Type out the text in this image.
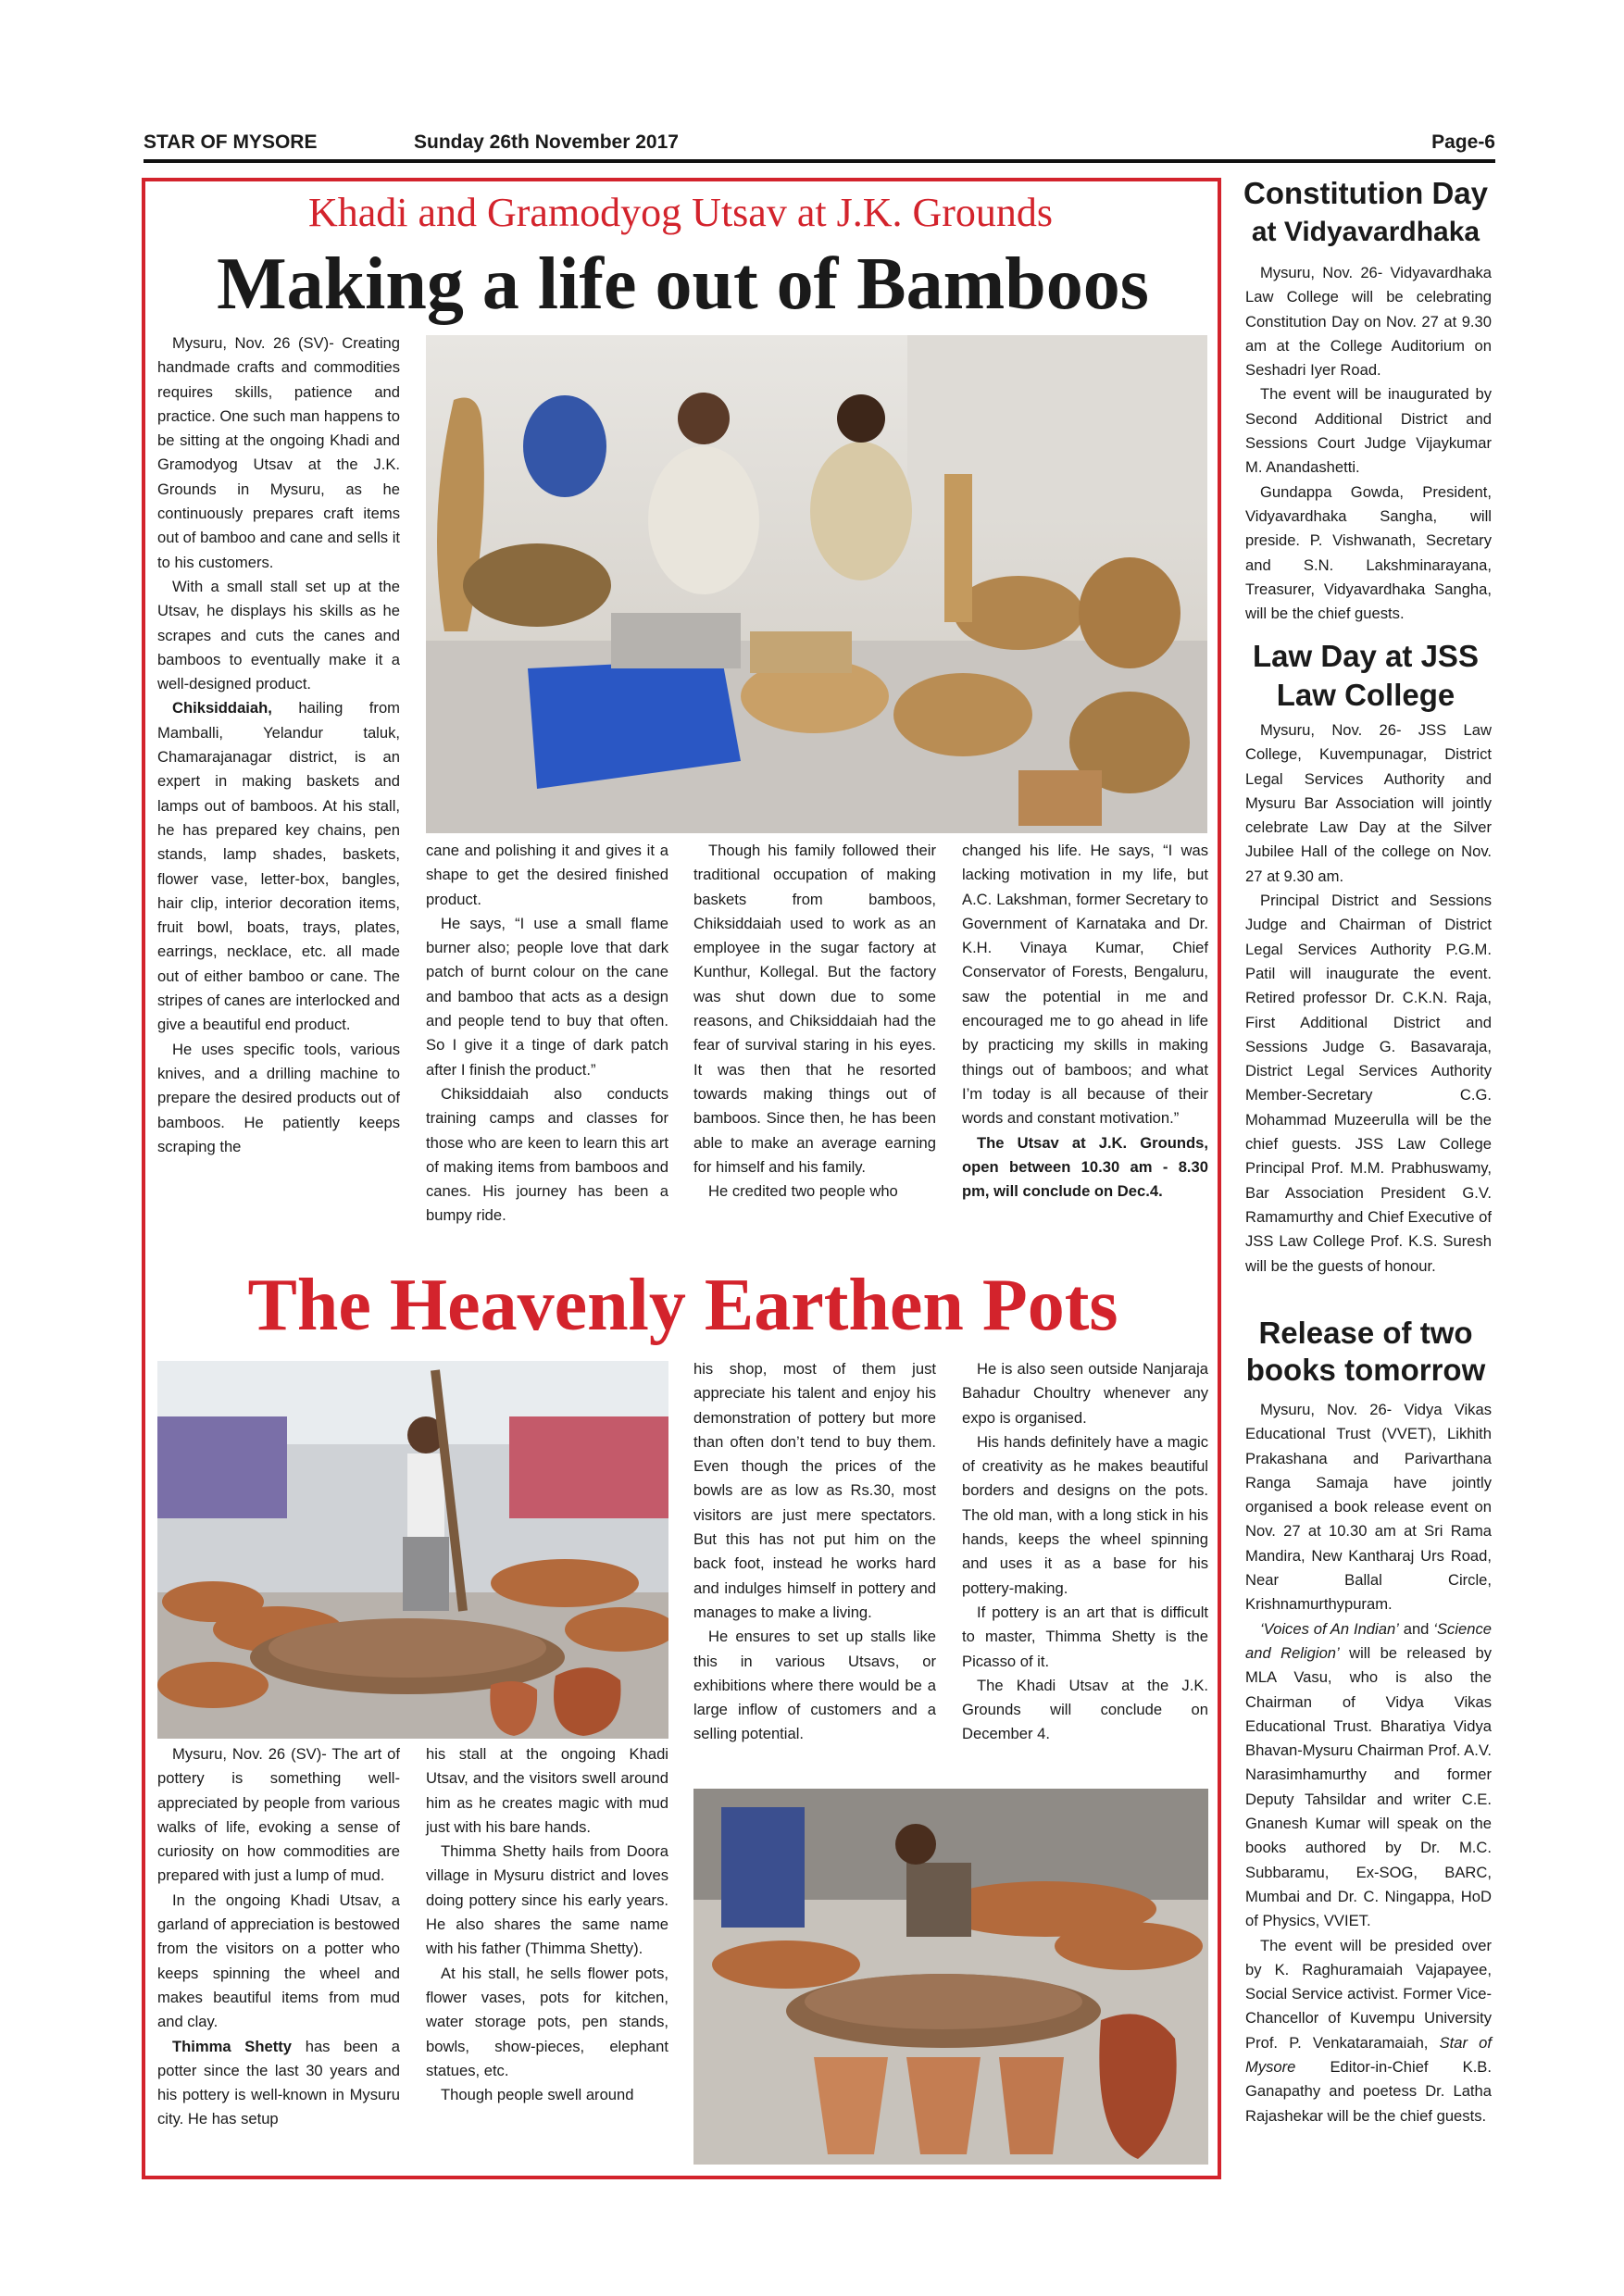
STAR OF MYSORE	Sunday 26th November 2017	Page-6
Khadi and Gramodyog Utsav at J.K. Grounds
Making a life out of Bamboos

Mysuru, Nov. 26 (SV)- Creating handmade crafts and commodities requires skills, patience and practice. One such man happens to be sitting at the ongoing Khadi and Gramodyog Utsav at the J.K. Grounds in Mysuru, as he continuously prepares craft items out of bamboo and cane and sells it to his customers.

With a small stall set up at the Utsav, he displays his skills as he scrapes and cuts the canes and bamboos to eventually make it a well-designed product.

Chiksiddaiah, hailing from Mamballi, Yelandur taluk, Chamarajanagar district, is an expert in making baskets and lamps out of bamboos. At his stall, he has prepared key chains, pen stands, lamp shades, baskets, flower vase, letter-box, bangles, hair clip, interior decoration items, fruit bowl, boats, trays, plates, earrings, necklace, etc. all made out of either bamboo or cane. The stripes of canes are interlocked and give a beautiful end product.

He uses specific tools, various knives, and a drilling machine to prepare the desired products out of bamboos. He patiently keeps scraping the

cane and polishing it and gives it a shape to get the desired finished product.

He says, “I use a small flame burner also; people love that dark patch of burnt colour on the cane and bamboo that acts as a design and people tend to buy that often. So I give it a tinge of dark patch after I finish the product.”

Chiksiddaiah also conducts training camps and classes for those who are keen to learn this art of making items from bamboos and canes. His journey has been a bumpy ride.

Though his family followed their traditional occupation of making baskets from bamboos, Chiksiddaiah used to work as an employee in the sugar factory at Kunthur, Kollegal. But the factory was shut down due to some reasons, and Chiksiddaiah had the fear of survival staring in his eyes. It was then that he resorted towards making things out of bamboos. Since then, he has been able to make an average earning for himself and his family.

He credited two people who

changed his life. He says, “I was lacking motivation in my life, but A.C. Lakshman, former Secretary to Government of Karnataka and Dr. K.H. Vinaya Kumar, Chief Conservator of Forests, Bengaluru, saw the potential in me and encouraged me to go ahead in life by practicing my skills in making things out of bamboos; and what I’m today is all because of their words and constant motivation.”

The Utsav at J.K. Grounds, open between 10.30 am - 8.30 pm, will conclude on Dec.4.

The Heavenly Earthen Pots

Mysuru, Nov. 26 (SV)- The art of pottery is something well-appreciated by people from various walks of life, evoking a sense of curiosity on how commodities are prepared with just a lump of mud.

In the ongoing Khadi Utsav, a garland of appreciation is bestowed from the visitors on a potter who keeps spinning the wheel and makes beautiful items from mud and clay.

Thimma Shetty has been a potter since the last 30 years and his pottery is well-known in Mysuru city. He has setup

his stall at the ongoing Khadi Utsav, and the visitors swell around him as he creates magic with mud just with his bare hands.

Thimma Shetty hails from Doora village in Mysuru district and loves doing pottery since his early years. He also shares the same name with his father (Thimma Shetty).

At his stall, he sells flower pots, flower vases, pots for kitchen, water storage pots, pen stands, bowls, show-pieces, elephant statues, etc.

Though people swell around

his shop, most of them just appreciate his talent and enjoy his demonstration of pottery but more than often don’t tend to buy them. Even though the prices of the bowls are as low as Rs.30, most visitors are just mere spectators. But this has not put him on the back foot, instead he works hard and indulges himself in pottery and manages to make a living.

He ensures to set up stalls like this in various Utsavs, or exhibitions where there would be a large inflow of customers and a selling potential.

He is also seen outside Nanjaraja Bahadur Choultry whenever any expo is organised.

His hands definitely have a magic of creativity as he makes beautiful borders and designs on the pots. The old man, with a long stick in his hands, keeps the wheel spinning and uses it as a base for his pottery-making.

If pottery is an art that is difficult to master, Thimma Shetty is the Picasso of it.

The Khadi Utsav at the J.K. Grounds will conclude on December 4.

Constitution Day
at Vidyavardhaka

Mysuru, Nov. 26- Vidyavardhaka Law College will be celebrating Constitution Day on Nov. 27 at 9.30 am at the College Auditorium on Seshadri Iyer Road.

The event will be inaugurated by Second Additional District and Sessions Court Judge Vijaykumar M. Anandashetti.

Gundappa Gowda, President, Vidyavardhaka Sangha, will preside. P. Vishwanath, Secretary and S.N. Lakshminarayana, Treasurer, Vidyavardhaka Sangha, will be the chief guests.

Law Day at JSS
Law College

Mysuru, Nov. 26- JSS Law College, Kuvempunagar, District Legal Services Authority and Mysuru Bar Association will jointly celebrate Law Day at the Silver Jubilee Hall of the college on Nov. 27 at 9.30 am.

Principal District and Sessions Judge and Chairman of District Legal Services Authority P.G.M. Patil will inaugurate the event. Retired professor Dr. C.K.N. Raja, First Additional District and Sessions Judge G. Basavaraja, District Legal Services Authority Member-Secretary C.G. Mohammad Muzeerulla will be the chief guests. JSS Law College Principal Prof. M.M. Prabhuswamy, Bar Association President G.V. Ramamurthy and Chief Executive of JSS Law College Prof. K.S. Suresh will be the guests of honour.

Release of two
books tomorrow

Mysuru, Nov. 26- Vidya Vikas Educational Trust (VVET), Likhith Prakashana and Parivarthana Ranga Samaja have jointly organised a book release event on Nov. 27 at 10.30 am at Sri Rama Mandira, New Kantharaj Urs Road, Near Ballal Circle, Krishnamurthypuram.

‘Voices of An Indian’ and ‘Science and Religion’ will be released by MLA Vasu, who is also the Chairman of Vidya Vikas Educational Trust. Bharatiya Vidya Bhavan-Mysuru Chairman Prof. A.V. Narasimhamurthy and former Deputy Tahsildar and writer C.E. Gnanesh Kumar will speak on the books authored by Dr. M.C. Subbaramu, Ex-SOG, BARC, Mumbai and Dr. C. Ningappa, HoD of Physics, VVIET.

The event will be presided over by K. Raghuramaiah Vajapayee, Social Service activist. Former Vice-Chancellor of Kuvempu University Prof. P. Venkataramaiah, Star of Mysore Editor-in-Chief K.B. Ganapathy and poetess Dr. Latha Rajashekar will be the chief guests.
